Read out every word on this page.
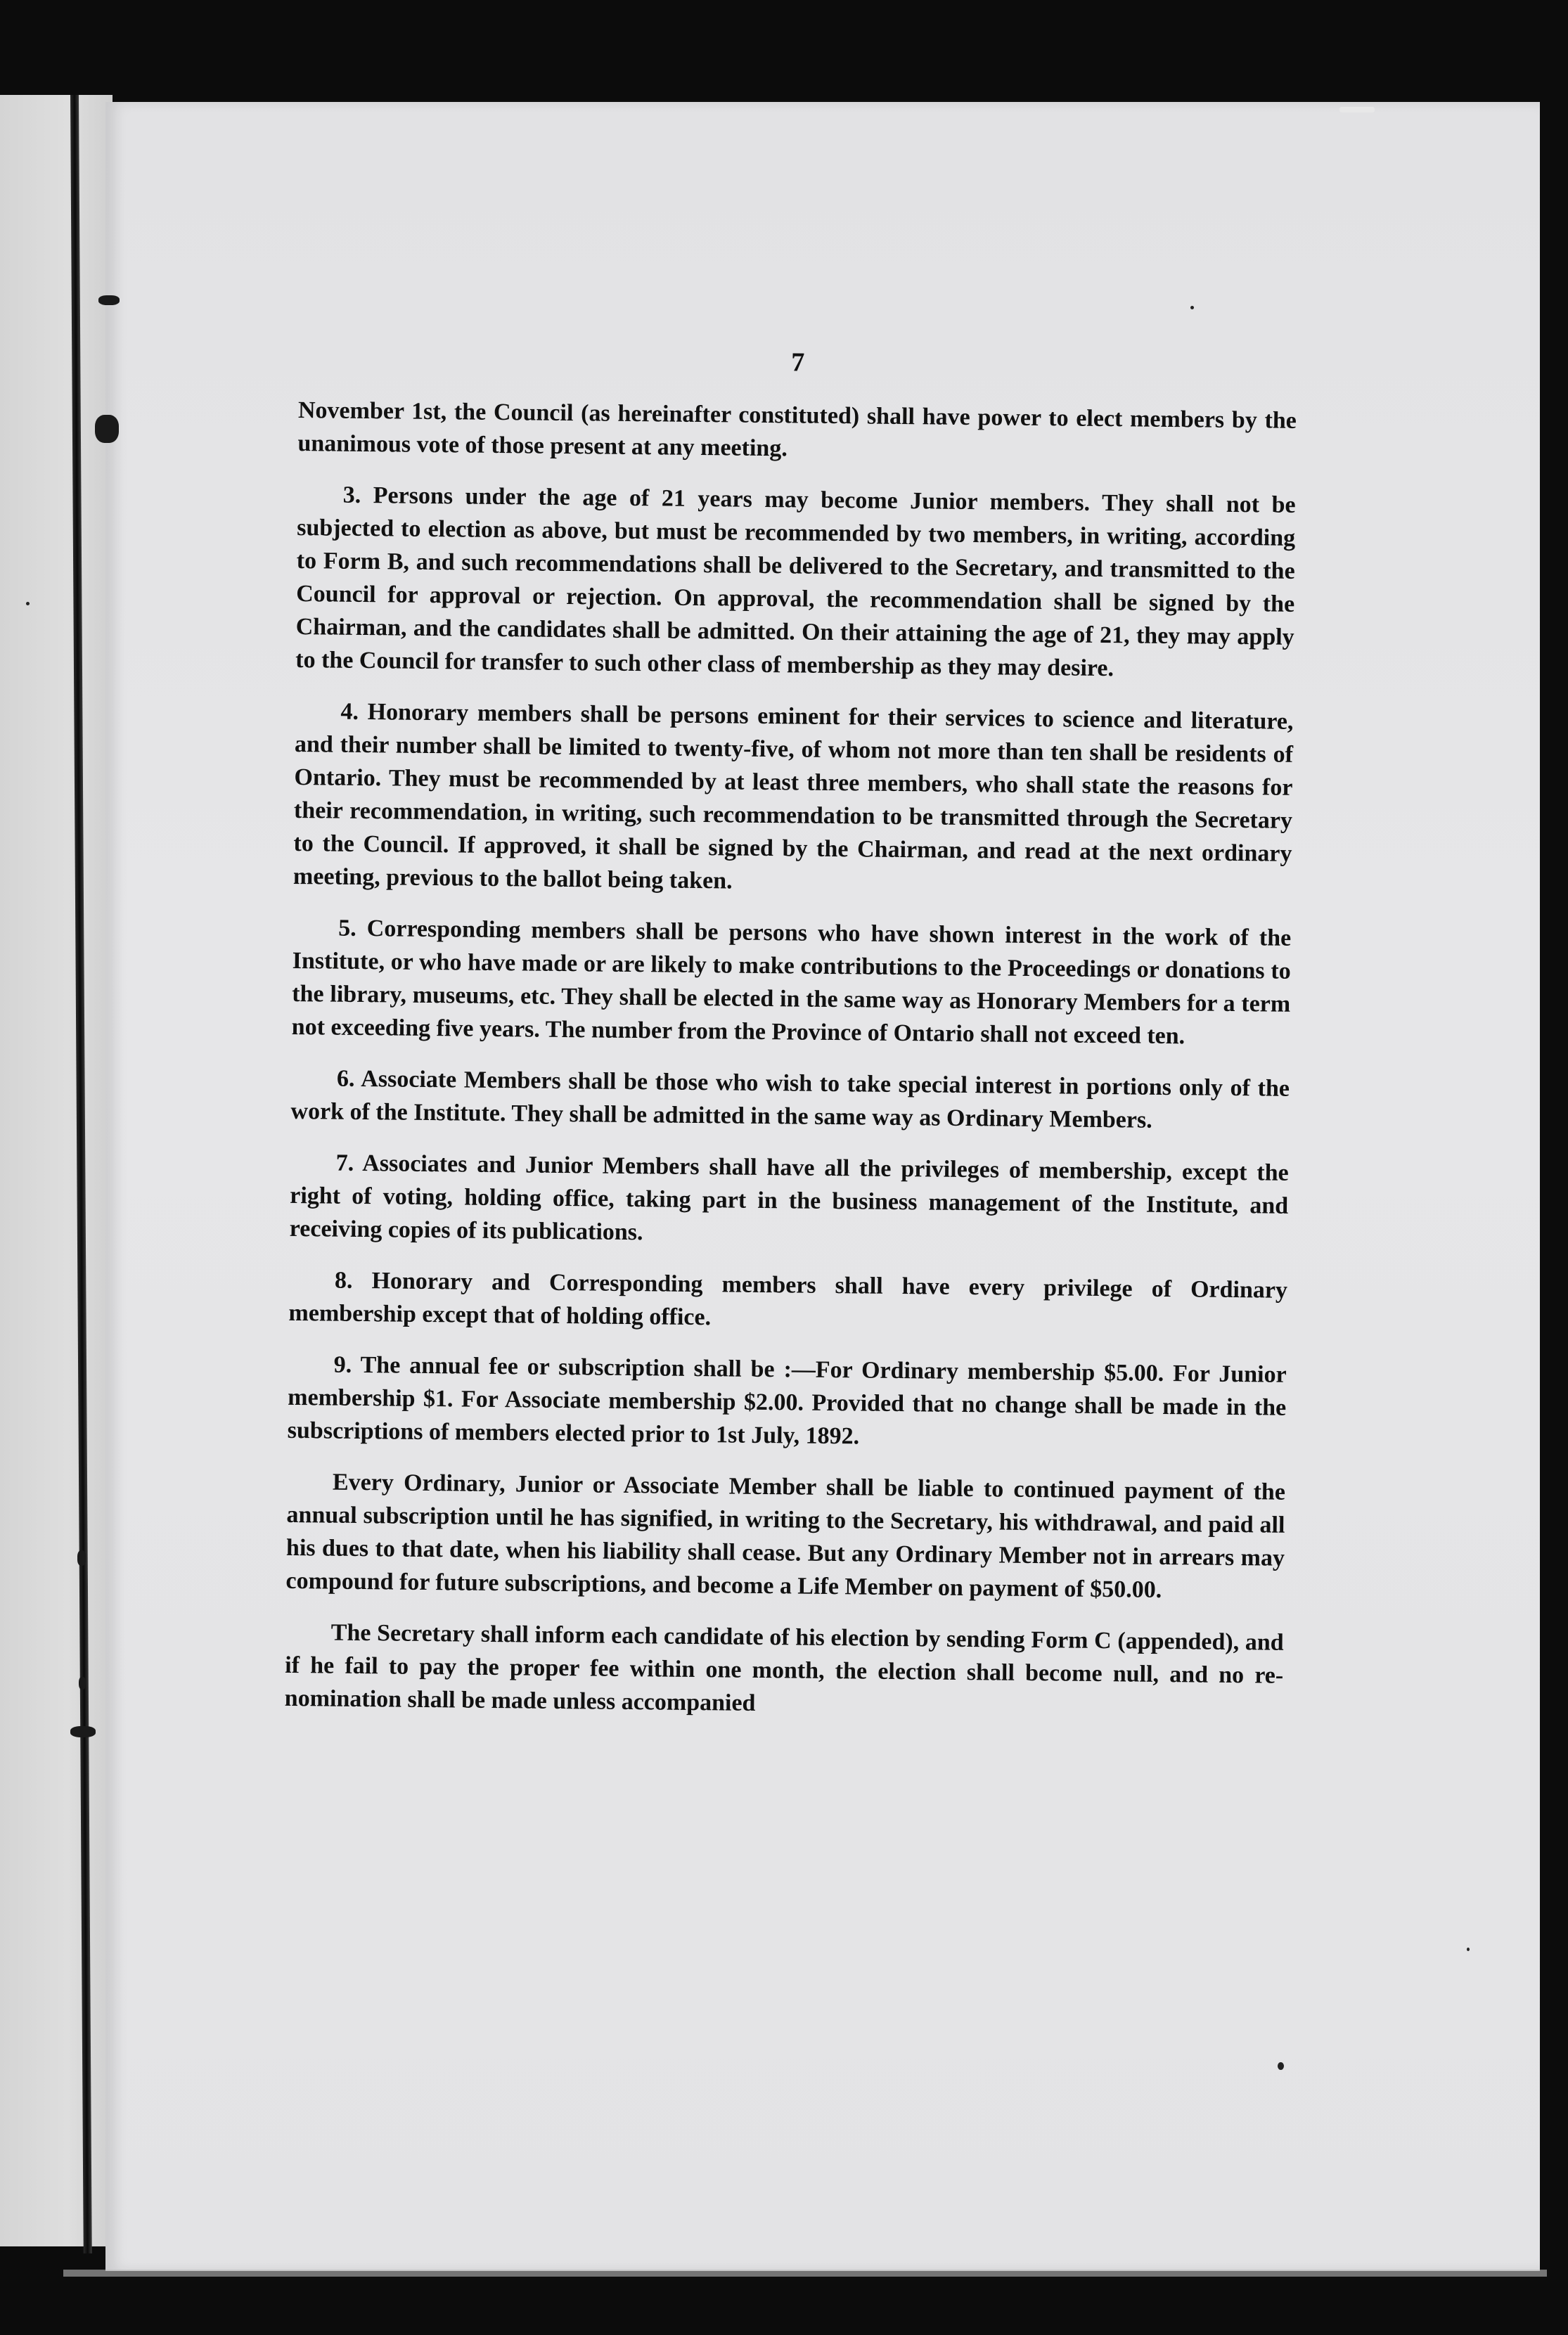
7

November 1st, the Council (as hereinafter constituted) shall have power to elect members by the unanimous vote of those present at any meeting.

3. Persons under the age of 21 years may become Junior members. They shall not be subjected to election as above, but must be recommended by two members, in writing, according to Form B, and such recommendations shall be delivered to the Secretary, and transmitted to the Council for approval or rejection. On approval, the recommendation shall be signed by the Chairman, and the candidates shall be admitted. On their attaining the age of 21, they may apply to the Council for transfer to such other class of membership as they may desire.

4. Honorary members shall be persons eminent for their services to science and literature, and their number shall be limited to twenty-five, of whom not more than ten shall be residents of Ontario. They must be recommended by at least three members, who shall state the reasons for their recommendation, in writing, such recommendation to be transmitted through the Secretary to the Council. If approved, it shall be signed by the Chairman, and read at the next ordinary meeting, previous to the ballot being taken.

5. Corresponding members shall be persons who have shown interest in the work of the Institute, or who have made or are likely to make contributions to the Proceedings or donations to the library, museums, etc. They shall be elected in the same way as Honorary Members for a term not exceeding five years. The number from the Province of Ontario shall not exceed ten.

6. Associate Members shall be those who wish to take special interest in portions only of the work of the Institute. They shall be admitted in the same way as Ordinary Members.

7. Associates and Junior Members shall have all the privileges of membership, except the right of voting, holding office, taking part in the business management of the Institute, and receiving copies of its publications.

8. Honorary and Corresponding members shall have every privilege of Ordinary membership except that of holding office.

9. The annual fee or subscription shall be :—For Ordinary membership $5.00. For Junior membership $1. For Associate membership $2.00. Provided that no change shall be made in the subscriptions of members elected prior to 1st July, 1892.

Every Ordinary, Junior or Associate Member shall be liable to continued payment of the annual subscription until he has signified, in writing to the Secretary, his withdrawal, and paid all his dues to that date, when his liability shall cease. But any Ordinary Member not in arrears may compound for future subscriptions, and become a Life Member on payment of $50.00.

The Secretary shall inform each candidate of his election by sending Form C (appended), and if he fail to pay the proper fee within one month, the election shall become null, and no re-nomination shall be made unless accompanied
